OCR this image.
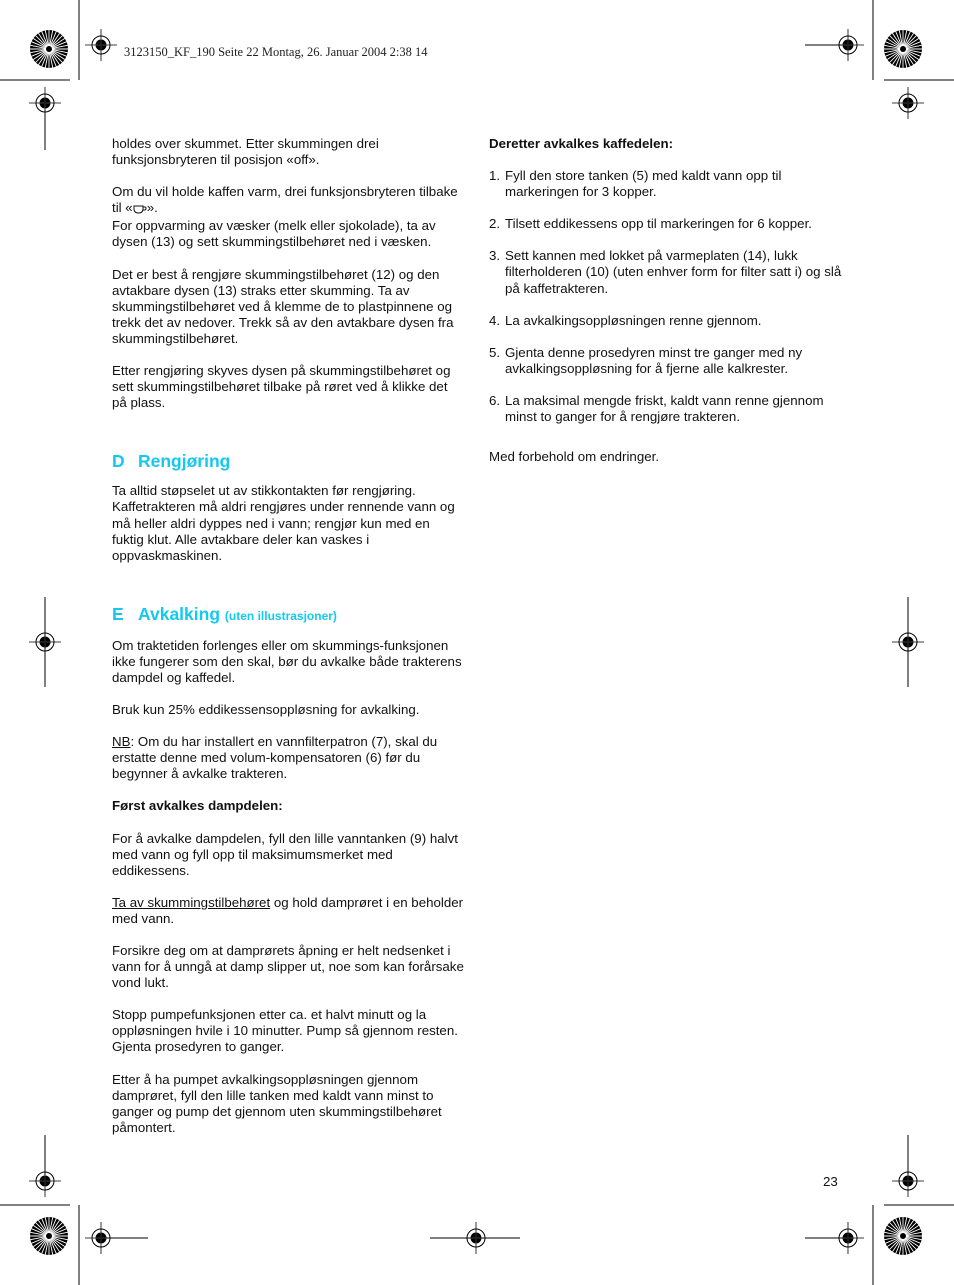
3123150_KF_190 Seite 22 Montag, 26. Januar 2004 2:38 14

holdes over skummet. Etter skummingen drei funksjonsbryteren til posisjon «off».

Om du vil holde kaffen varm, drei funksjonsbryteren tilbake til « ».
For oppvarming av væsker (melk eller sjokolade), ta av dysen (13) og sett skummingstilbehøret ned i væsken.

Det er best å rengjøre skummingstilbehøret (12) og den avtakbare dysen (13) straks etter skumming. Ta av skummingstilbehøret ved å klemme de to plastpinnene og trekk det av nedover. Trekk så av den avtakbare dysen fra skummingstilbehøret.

Etter rengjøring skyves dysen på skummingstilbehøret og sett skummingstilbehøret tilbake på røret ved å klikke det på plass.

D Rengjøring

Ta alltid støpselet ut av stikkontakten før rengjøring. Kaffetrakteren må aldri rengjøres under rennende vann og må heller aldri dyppes ned i vann; rengjør kun med en fuktig klut. Alle avtakbare deler kan vaskes i oppvaskmaskinen.

E Avkalking (uten illustrasjoner)

Om traktetiden forlenges eller om skummings-funksjonen ikke fungerer som den skal, bør du avkalke både trakterens dampdel og kaffedel.

Bruk kun 25% eddikessensoppløsning for avkalking.

NB: Om du har installert en vannfilterpatron (7), skal du erstatte denne med volum-kompensatoren (6) før du begynner å avkalke trakteren.

Først avkalkes dampdelen:

For å avkalke dampdelen, fyll den lille vanntanken (9) halvt med vann og fyll opp til maksimumsmerket med eddikessens.

Ta av skummingstilbehøret og hold damprøret i en beholder med vann.

Forsikre deg om at damprørets åpning er helt nedsenket i vann for å unngå at damp slipper ut, noe som kan forårsake vond lukt.

Stopp pumpefunksjonen etter ca. et halvt minutt og la oppløsningen hvile i 10 minutter. Pump så gjennom resten. Gjenta prosedyren to ganger.

Etter å ha pumpet avkalkingsoppløsningen gjennom damprøret, fyll den lille tanken med kaldt vann minst to ganger og pump det gjennom uten skummingstilbehøret påmontert.

Deretter avkalkes kaffedelen:

1. Fyll den store tanken (5) med kaldt vann opp til markeringen for 3 kopper.
2. Tilsett eddikessens opp til markeringen for 6 kopper.
3. Sett kannen med lokket på varmeplaten (14), lukk filterholderen (10) (uten enhver form for filter satt i) og slå på kaffetrakteren.
4. La avkalkingsoppløsningen renne gjennom.
5. Gjenta denne prosedyren minst tre ganger med ny avkalkingsoppløsning for å fjerne alle kalkrester.
6. La maksimal mengde friskt, kaldt vann renne gjennom minst to ganger for å rengjøre trakteren.

Med forbehold om endringer.

23
